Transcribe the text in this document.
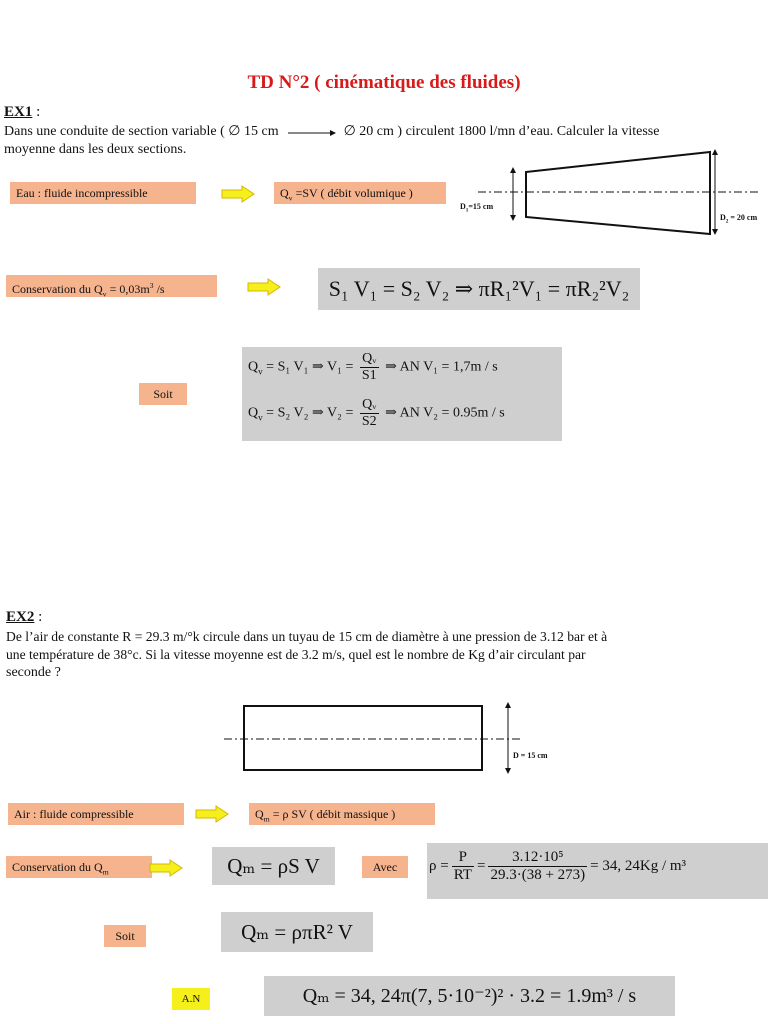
TD N°2 ( cinématique des fluides)
EX1 :
Dans une conduite de section variable ( ∅ 15 cm	∅ 20 cm ) circulent 1800 l/mn d’eau. Calculer la vitesse
moyenne dans les deux sections.
Eau : fluide incompressible	$Q_v =SV$ ( débit volumique )
$D_1=15$ cm
$D_2 = 20$ cm
Conservation du $Q_v = 0,03m^3$ /s	S₁ V₁ = S₂ V₂ ⇒ πR₁²V₁ = πR₂²V₂
Soit
$Q_v = S_1$ V₁ ⇒ $V_1 = \frac{\text{Qᵥ}}{S1}$ ⇒ AN V₁ = 1,7m / s
$Q_v = S_2$ V₂ ⇒ $V_2 = \frac{\text{Qᵥ}}{S2}$ ⇒ AN V₂ = 0.95m / s
EX2 :
De l’air de constante R = 29.3 m/°k circule dans un tuyau de 15 cm de diamètre à une pression de 3.12 bar et à
une température de 38°c. Si la vitesse moyenne est de 3.2 m/s, quel est le nombre de Kg d’air circulant par
seconde ?
D = 15 cm
Air : fluide compressible	$Q_m = \rho$ SV ( débit massique )
Conservation du $Q_m$	Qₘ = ρS V	Avec	$\rho = \frac{P}{RT} = \frac{\text{3.12·10⁵}}{29.3\cdot(38 + 273)} = 34$, 24Kg / m³
Soit	Qₘ = ρπR² V
A.N	Qₘ = 34, 24π(7, 5·10⁻²)² · 3.2 = 1.9m³ / s
